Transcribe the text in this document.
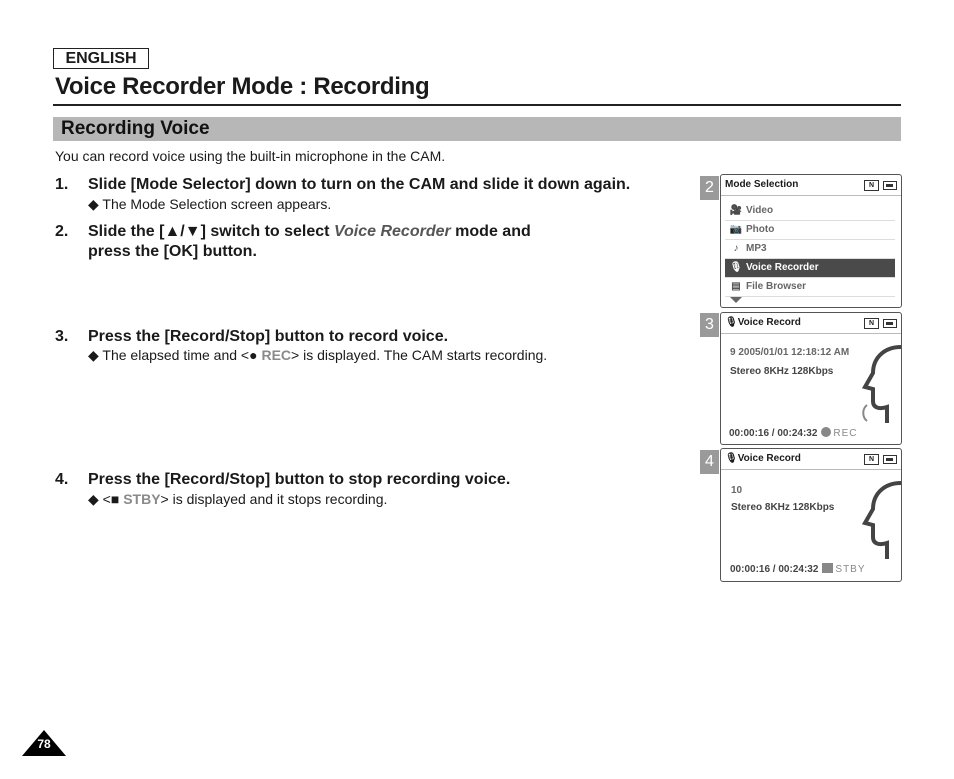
ENGLISH
Voice Recorder Mode : Recording
Recording Voice
You can record voice using the built-in microphone in the CAM.
1. Slide [Mode Selector] down to turn on the CAM and slide it down again.
◆ The Mode Selection screen appears.
2. Slide the [▲/▼] switch to select Voice Recorder mode and
press the [OK] button.
3. Press the [Record/Stop] button to record voice.
◆ The elapsed time and <● REC> is displayed. The CAM starts recording.
4. Press the [Record/Stop] button to stop recording voice.
◆ <■ STBY> is displayed and it stops recording.
2	Mode Selection	N
🎥 Video
📷 Photo
♪ MP3
🎙 Voice Recorder
▤ File Browser
3	🎙Voice Record	N
9 2005/01/01 12:18:12 AM
Stereo 8KHz 128Kbps
00:00:16 / 00:24:32 REC
4	🎙Voice Record	N
10
Stereo 8KHz 128Kbps
00:00:16 / 00:24:32 STBY
78
